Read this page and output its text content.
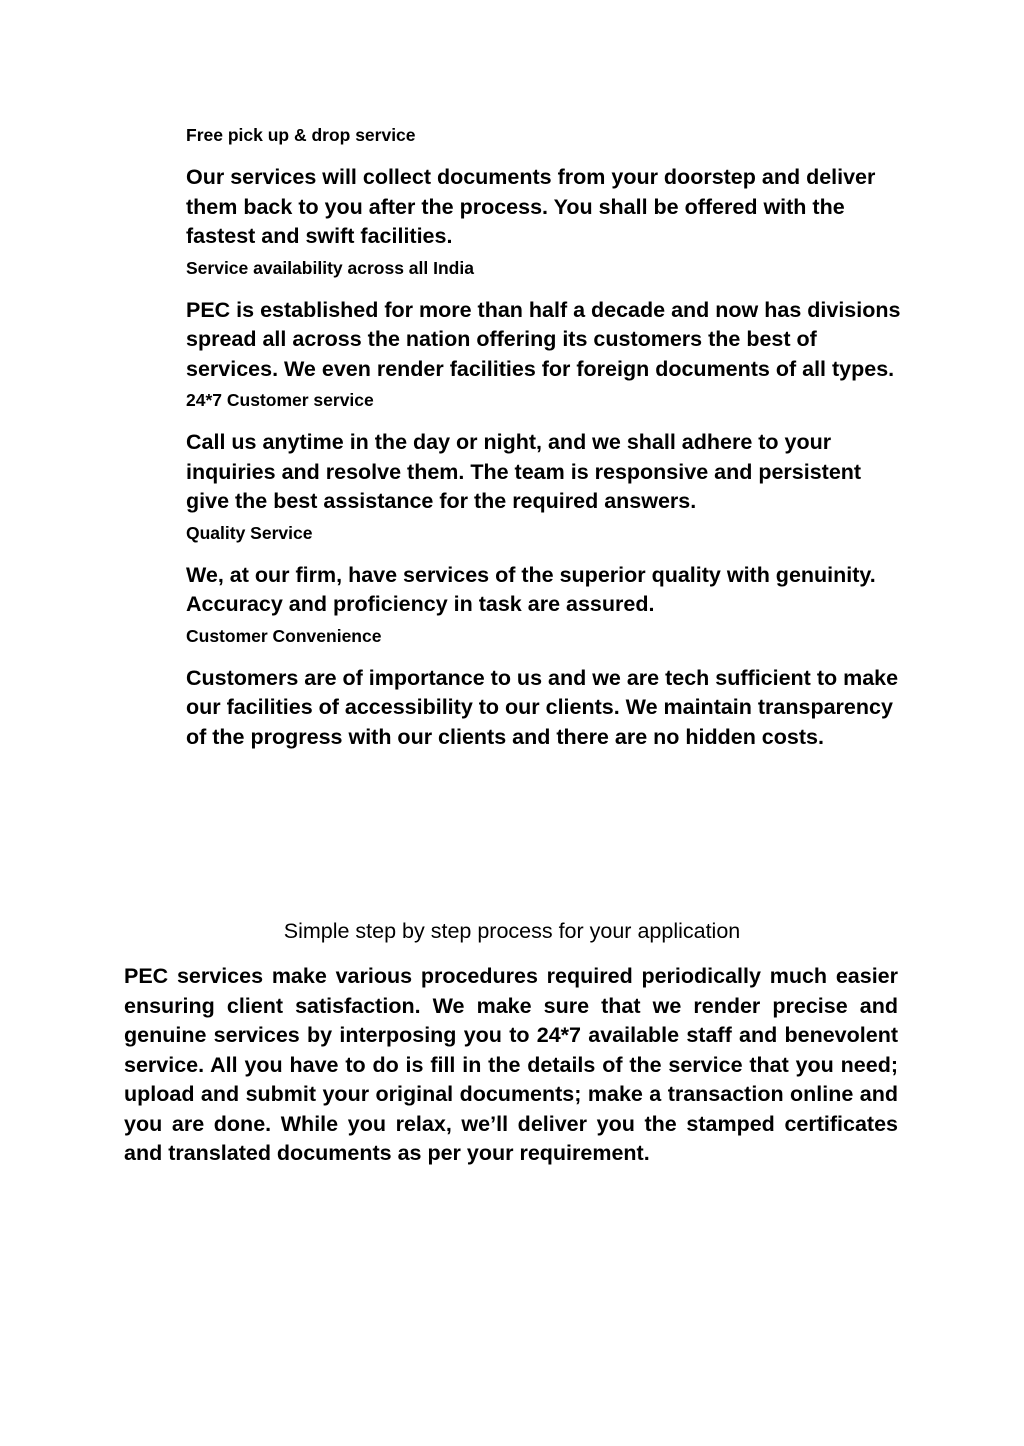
Free pick up & drop service

Our services will collect documents from your doorstep and deliver them back to you after the process. You shall be offered with the fastest and swift facilities.

Service availability across all India

PEC is established for more than half a decade and now has divisions spread all across the nation offering its customers the best of services. We even render facilities for foreign documents of all types.

24*7 Customer service

Call us anytime in the day or night, and we shall adhere to your inquiries and resolve them. The team is responsive and persistent give the best assistance for the required answers.

Quality Service

We, at our firm, have services of the superior quality with genuinity. Accuracy and proficiency in task are assured.

Customer Convenience

Customers are of importance to us and we are tech sufficient to make our facilities of accessibility to our clients. We maintain transparency of the progress with our clients and there are no hidden costs.

Simple step by step process for your application

PEC services make various procedures required periodically much easier ensuring client satisfaction. We make sure that we render precise and genuine services by interposing you to 24*7 available staff and benevolent service. All you have to do is fill in the details of the service that you need; upload and submit your original documents; make a transaction online and you are done. While you relax, we’ll deliver you the stamped certificates and translated documents as per your requirement.
